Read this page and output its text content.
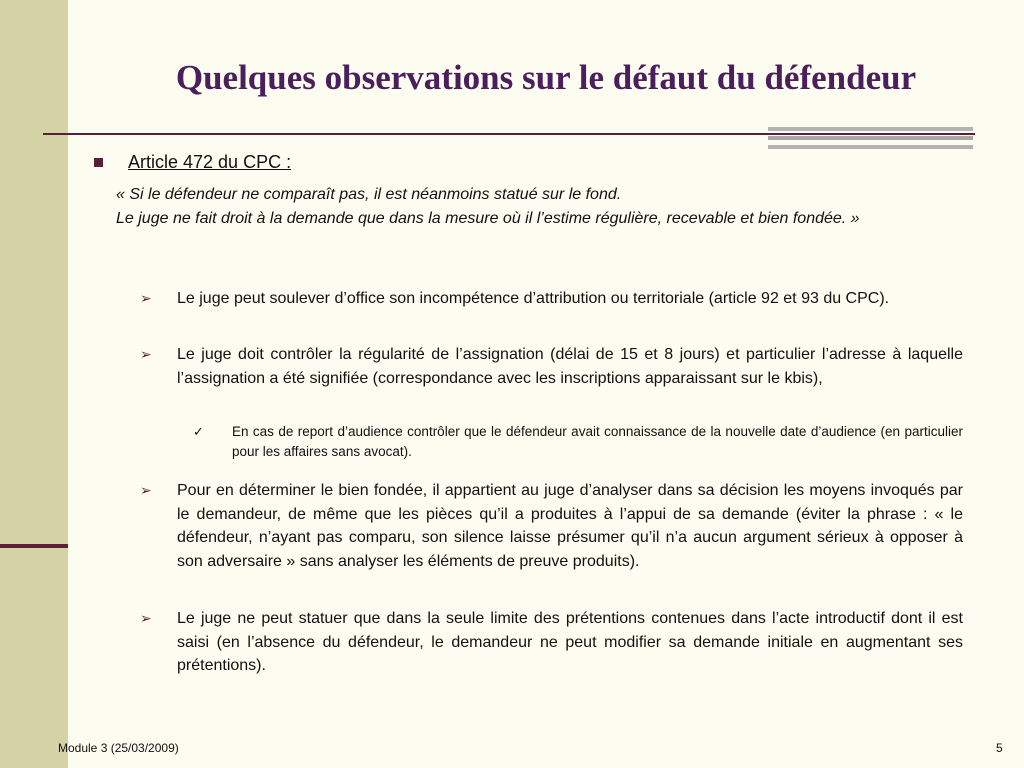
Quelques observations sur le défaut du défendeur
Article 472 du CPC :

« Si le défendeur ne comparaît pas, il est néanmoins statué sur le fond.

Le juge ne fait droit à la demande que dans la mesure où il l’estime régulière, recevable et bien fondée. »

➢	Le juge peut soulever d’office son incompétence d’attribution ou territoriale (article 92 et 93 du CPC).
➢	Le juge doit contrôler la régularité de l’assignation (délai de 15 et 8 jours) et particulier l’adresse à laquelle l’assignation a été signifiée (correspondance avec les inscriptions apparaissant sur le kbis),
✓	En cas de report d’audience contrôler que le défendeur avait connaissance de la nouvelle date d’audience (en particulier pour les affaires sans avocat).
➢	Pour en déterminer le bien fondée, il appartient au juge d’analyser dans sa décision les moyens invoqués par le demandeur, de même que les pièces qu’il a produites à l’appui de sa demande (éviter la phrase : « le défendeur, n’ayant pas comparu, son silence laisse présumer qu’il n’a aucun argument sérieux à opposer à son adversaire » sans analyser les éléments de preuve produits).
➢	Le juge ne peut statuer que dans la seule limite des prétentions contenues dans l’acte introductif dont il est saisi (en l’absence du défendeur, le demandeur ne peut modifier sa demande initiale en augmentant ses prétentions).
Module 3 (25/03/2009)	5
